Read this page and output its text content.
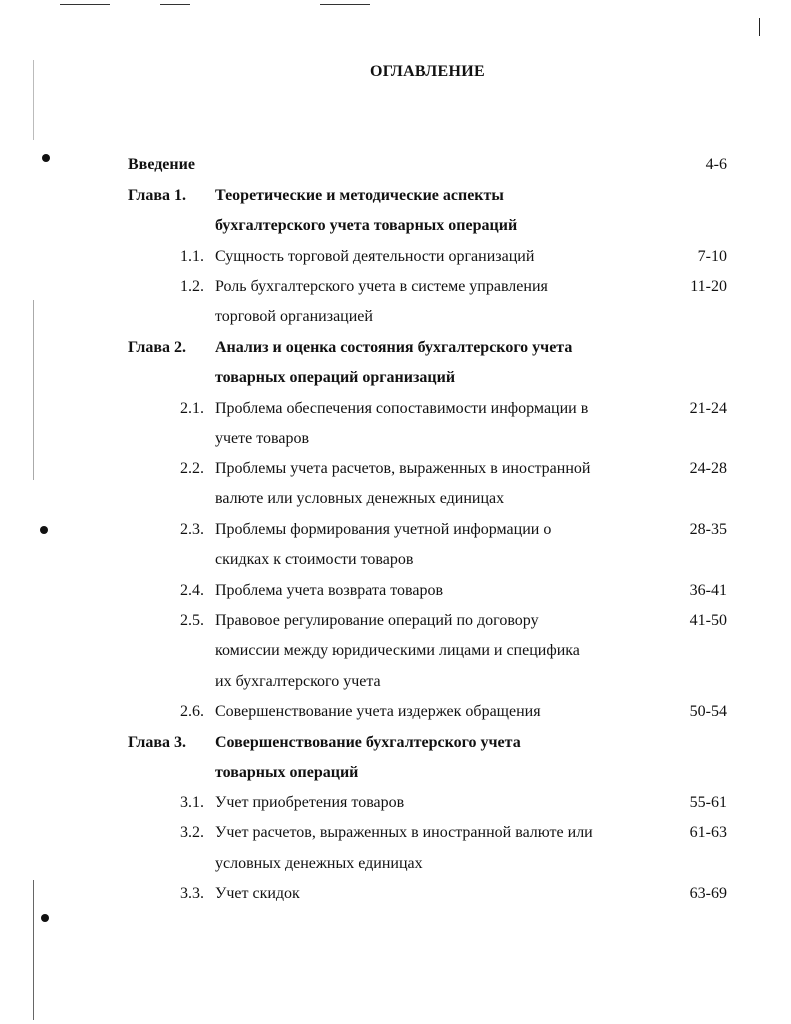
ОГЛАВЛЕНИЕ
Введение	4-6
Глава 1. Теоретические и методические аспекты
бухгалтерского учета товарных операций
1.1. Сущность торговой деятельности организаций	7-10
1.2. Роль бухгалтерского учета в системе управления	11-20
торговой организацией
Глава 2. Анализ и оценка состояния бухгалтерского учета
товарных операций организаций
2.1. Проблема обеспечения сопоставимости информации в	21-24
учете товаров
2.2. Проблемы учета расчетов, выраженных в иностранной	24-28
валюте или условных денежных единицах
2.3. Проблемы формирования учетной информации о	28-35
скидках к стоимости товаров
2.4. Проблема учета возврата товаров	36-41
2.5. Правовое регулирование операций по договору	41-50
комиссии между юридическими лицами и специфика
их бухгалтерского учета
2.6. Совершенствование учета издержек обращения	50-54
Глава 3. Совершенствование бухгалтерского учета
товарных операций
3.1. Учет приобретения товаров	55-61
3.2. Учет расчетов, выраженных в иностранной валюте или	61-63
условных денежных единицах
3.3. Учет скидок	63-69
